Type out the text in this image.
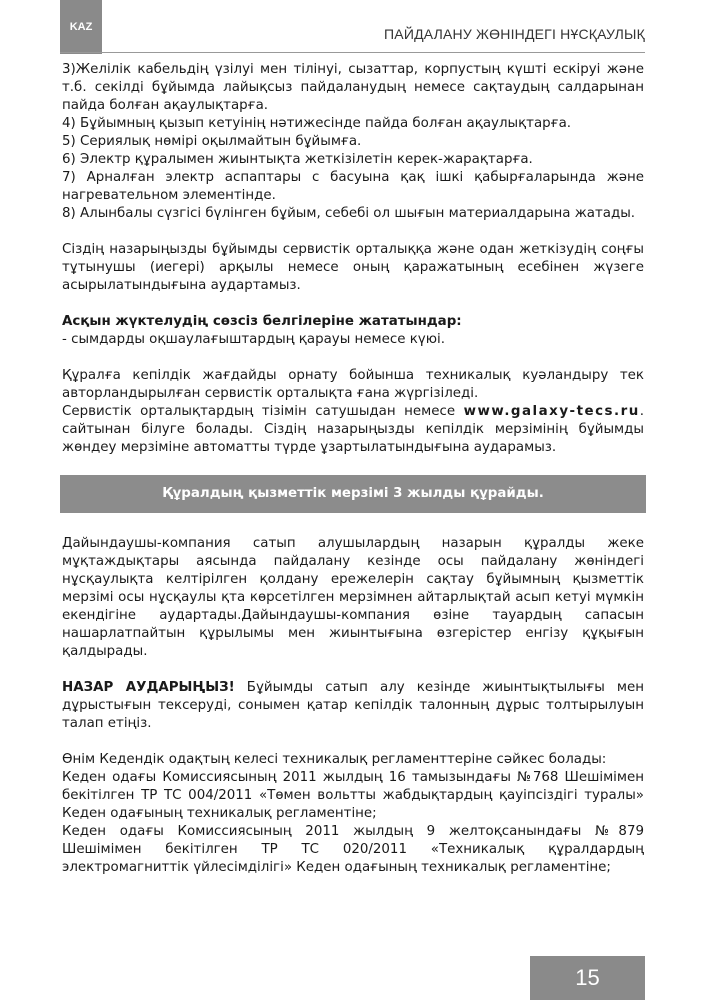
KAZ	ПАЙДАЛАНУ ЖӨНІНДЕГІ НҰСҚАУЛЫҚ

3)Желілік кабельдің үзілуі мен тілінуі, сызаттар, корпустың күшті ескіруі және т.б. секілді бұйымда лайықсыз пайдаланудың немесе сақтаудың салдарынан пайда болған ақаулықтарға.

4) Бұйымның қызып кетуінің нәтижесінде пайда болған ақаулықтарға.

5) Сериялық нөмірі оқылмайтын бұйымға.

6) Электр құралымен жиынтықта жеткізілетін керек-жарақтарға.

7) Арналған электр аспаптары с басуына қақ ішкі қабырғаларында және нагревательном элементінде.

8) Алынбалы сүзгісі бүлінген бұйым, себебі ол шығын материалдарына жатады.

Сіздің назарыңызды бұйымды сервистік орталыққа және одан жеткізудің соңғы тұтынушы (иегері) арқылы немесе оның қаражатының есебінен жүзеге асырылатындығына аудартамыз.

Асқын жүктелудің сөзсіз белгілеріне жататындар:

- сымдарды оқшаулағыштардың қарауы немесе күюі.

Құралға кепілдік жағдайды орнату бойынша техникалық куәландыру тек авторландырылған сервистік орталықта ғана жүргізіледі.

Сервистік орталықтардың тізімін сатушыдан немесе www.galaxy-tecs.ru. сайтынан білуге болады. Сіздің назарыңызды кепілдік мерзімінің бұйымды жөндеу мерзіміне автоматты түрде ұзартылатындығына аударамыз.

Құралдың қызметтік мерзімі 3 жылды құрайды.

Дайындаушы-компания сатып алушылардың назарын құралды жеке мұқтаждықтары аясында пайдалану кезінде осы пайдалану жөніндегі нұсқаулықта келтірілген қолдану ережелерін сақтау бұйымның қызметтік мерзімі осы нұсқаулы қта көрсетілген мерзімнен айтарлықтай асып кетуі мүмкін екендігіне аудартады.Дайындаушы-компания өзіне тауардың сапасын нашарлатпайтын құрылымы мен жиынтығына өзгерістер енгізу құқығын қалдырады.

НАЗАР АУДАРЫҢЫЗ! Бұйымды сатып алу кезінде жиынтықтылығы мен дұрыстығын тексеруді, сонымен қатар кепілдік талонның дұрыс толтырылуын талап етіңіз.

Өнім Кедендік одақтың келесі техникалық регламенттеріне сәйкес болады:

Кеден одағы Комиссиясының 2011 жылдың 16 тамызындағы №768 Шешімімен бекітілген ТР ТС 004/2011 «Төмен вольтты жабдықтардың қауіпсіздігі туралы» Кеден одағының техникалық регламентіне;

Кеден одағы Комиссиясының 2011 жылдың 9 желтоқсанындағы №879 Шешімімен бекітілген ТР ТС 020/2011 «Техникалық құралдардың электромагниттік үйлесімділігі» Кеден одағының техникалық регламентіне;

15
